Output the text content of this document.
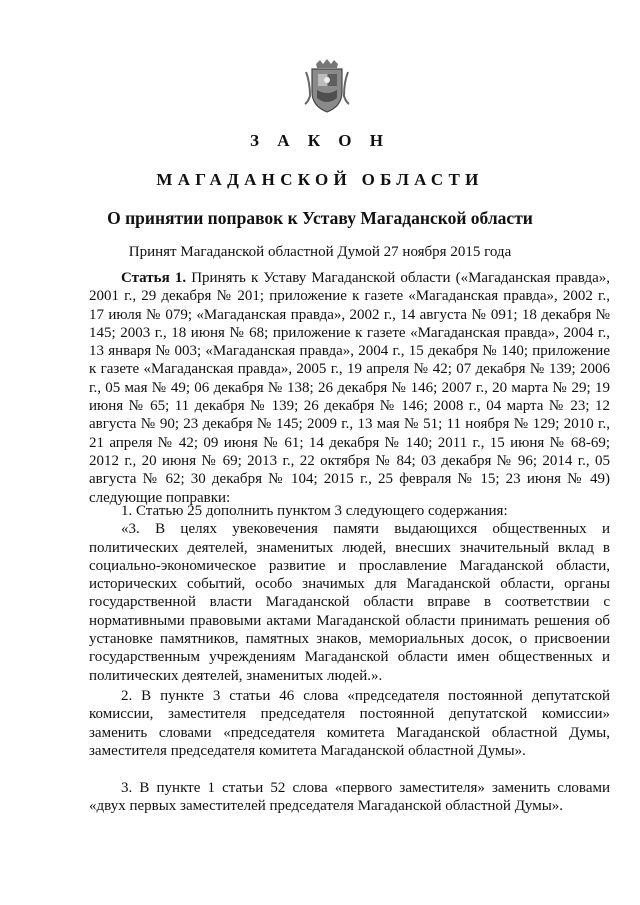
З А К О Н
МАГАДАНСКОЙ ОБЛАСТИ
О принятии поправок к Уставу Магаданской области
Принят Магаданской областной Думой 27 ноября 2015 года

Статья 1. Принять к Уставу Магаданской области («Магаданская правда», 2001 г., 29 декабря № 201; приложение к газете «Магаданская правда», 2002 г., 17 июля № 079; «Магаданская правда», 2002 г., 14 августа № 091; 18 декабря № 145; 2003 г., 18 июня № 68; приложение к газете «Магаданская правда», 2004 г., 13 января № 003; «Магаданская правда», 2004 г., 15 декабря № 140; приложение к газете «Магаданская правда», 2005 г., 19 апреля № 42; 07 декабря № 139; 2006 г., 05 мая № 49; 06 декабря № 138; 26 декабря № 146; 2007 г., 20 марта № 29; 19 июня № 65; 11 декабря № 139; 26 декабря № 146; 2008 г., 04 марта № 23; 12 августа № 90; 23 декабря № 145; 2009 г., 13 мая № 51; 11 ноября № 129; 2010 г., 21 апреля № 42; 09 июня № 61; 14 декабря № 140; 2011 г., 15 июня № 68-69; 2012 г., 20 июня № 69; 2013 г., 22 октября № 84; 03 декабря № 96; 2014 г., 05 августа № 62; 30 декабря № 104; 2015 г., 25 февраля № 15; 23 июня № 49) следующие поправки:

1. Статью 25 дополнить пунктом 3 следующего содержания:

«3. В целях увековечения памяти выдающихся общественных и политических деятелей, знаменитых людей, внесших значительный вклад в социально-экономическое развитие и прославление Магаданской области, исторических событий, особо значимых для Магаданской области, органы государственной власти Магаданской области вправе в соответствии с нормативными правовыми актами Магаданской области принимать решения об установке памятников, памятных знаков, мемориальных досок, о присвоении государственным учреждениям Магаданской области имен общественных и политических деятелей, знаменитых людей.».

2. В пункте 3 статьи 46 слова «председателя постоянной депутатской комиссии, заместителя председателя постоянной депутатской комиссии» заменить словами «председателя комитета Магаданской областной Думы, заместителя председателя комитета Магаданской областной Думы».

3. В пункте 1 статьи 52 слова «первого заместителя» заменить словами «двух первых заместителей председателя Магаданской областной Думы».
